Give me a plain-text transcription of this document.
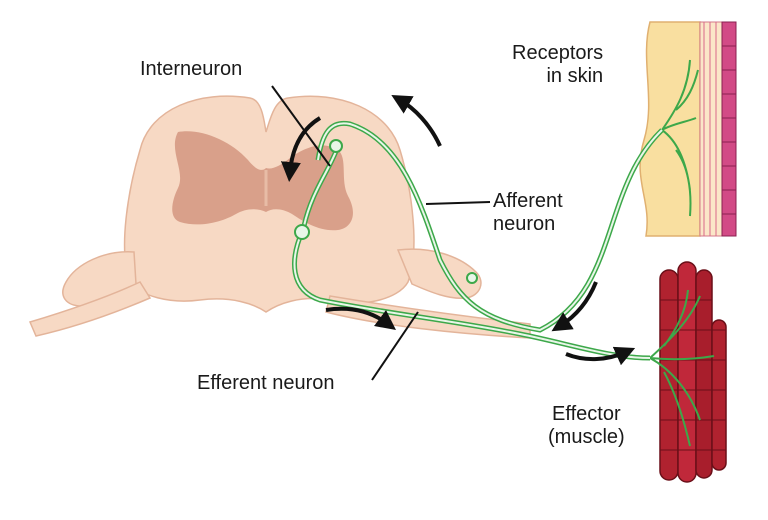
Interneuron
Afferent
neuron
Efferent neuron
Receptors
in skin
Effector
(muscle)
